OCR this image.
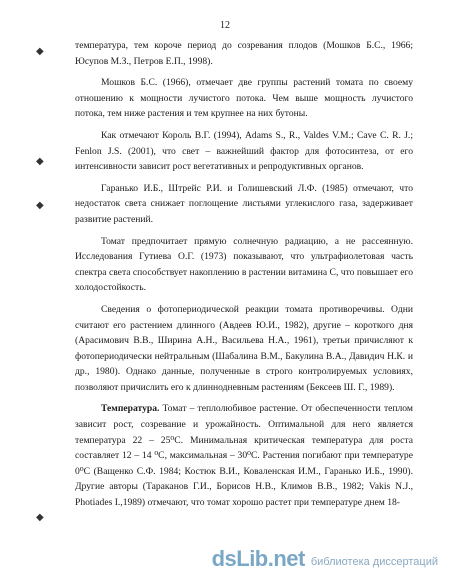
12
◆
◆
◆
◆

температура, тем короче период до созревания плодов (Мошков Б.С., 1966; Юсупов М.З., Петров Е.П., 1998).

Мошков Б.С. (1966), отмечает две группы растений томата по своему отношению к мощности лучистого потока. Чем выше мощность лучистого потока, тем ниже растения и тем крупнее на них бутоны.

Как отмечают Король В.Г. (1994), Adams S., R., Valdes V.M.; Cave C. R. J.; Fenlon J.S. (2001), что свет – важнейший фактор для фотосинтеза, от его интенсивности зависит рост вегетативных и репродуктивных органов.

Гаранько И.Б., Штрейс Р.И. и Голишевский Л.Ф. (1985) отмечают, что недостаток света снижает поглощение листьями углекислого газа, задерживает развитие растений.

Томат предпочитает прямую солнечную радиацию, а не рассеянную. Исследования Гутиева О.Г. (1973) показывают, что ультрафиолетовая часть спектра света способствует накоплению в растении витамина С, что повышает его холодостойкость.

Сведения о фотопериодической реакции томата противоречивы. Одни считают его растением длинного (Авдеев Ю.И., 1982), другие – короткого дня (Арасимович В.В., Ширина А.Н., Васильева Н.А., 1961), третьи причисляют к фотопериодически нейтральным (Шабалина В.М., Бакулина В.А., Давидич Н.К. и др., 1980). Однако данные, полученные в строго контролируемых условиях, позволяют причислить его к длиннодневным растениям (Бексеев Ш. Г., 1989).

Температура. Томат – теплолюбивое растение. От обеспеченности теплом зависит рост, созревание и урожайность. Оптимальной для него является температура 22 – 25⁰С. Минимальная критическая температура для роста составляет 12 – 14 ⁰С, максимальная – 30⁰С. Растения погибают при температуре 0⁰С (Ващенко С.Ф. 1984; Костюк В.И., Коваленская И.М., Гаранько И.Б., 1990). Другие авторы (Тараканов Г.И., Борисов Н.В., Климов В.В., 1982; Vakis N.J., Photiades I.,1989) отмечают, что томат хорошо растет при температуре днем 18-

dsLib.net библиотека диссертаций
